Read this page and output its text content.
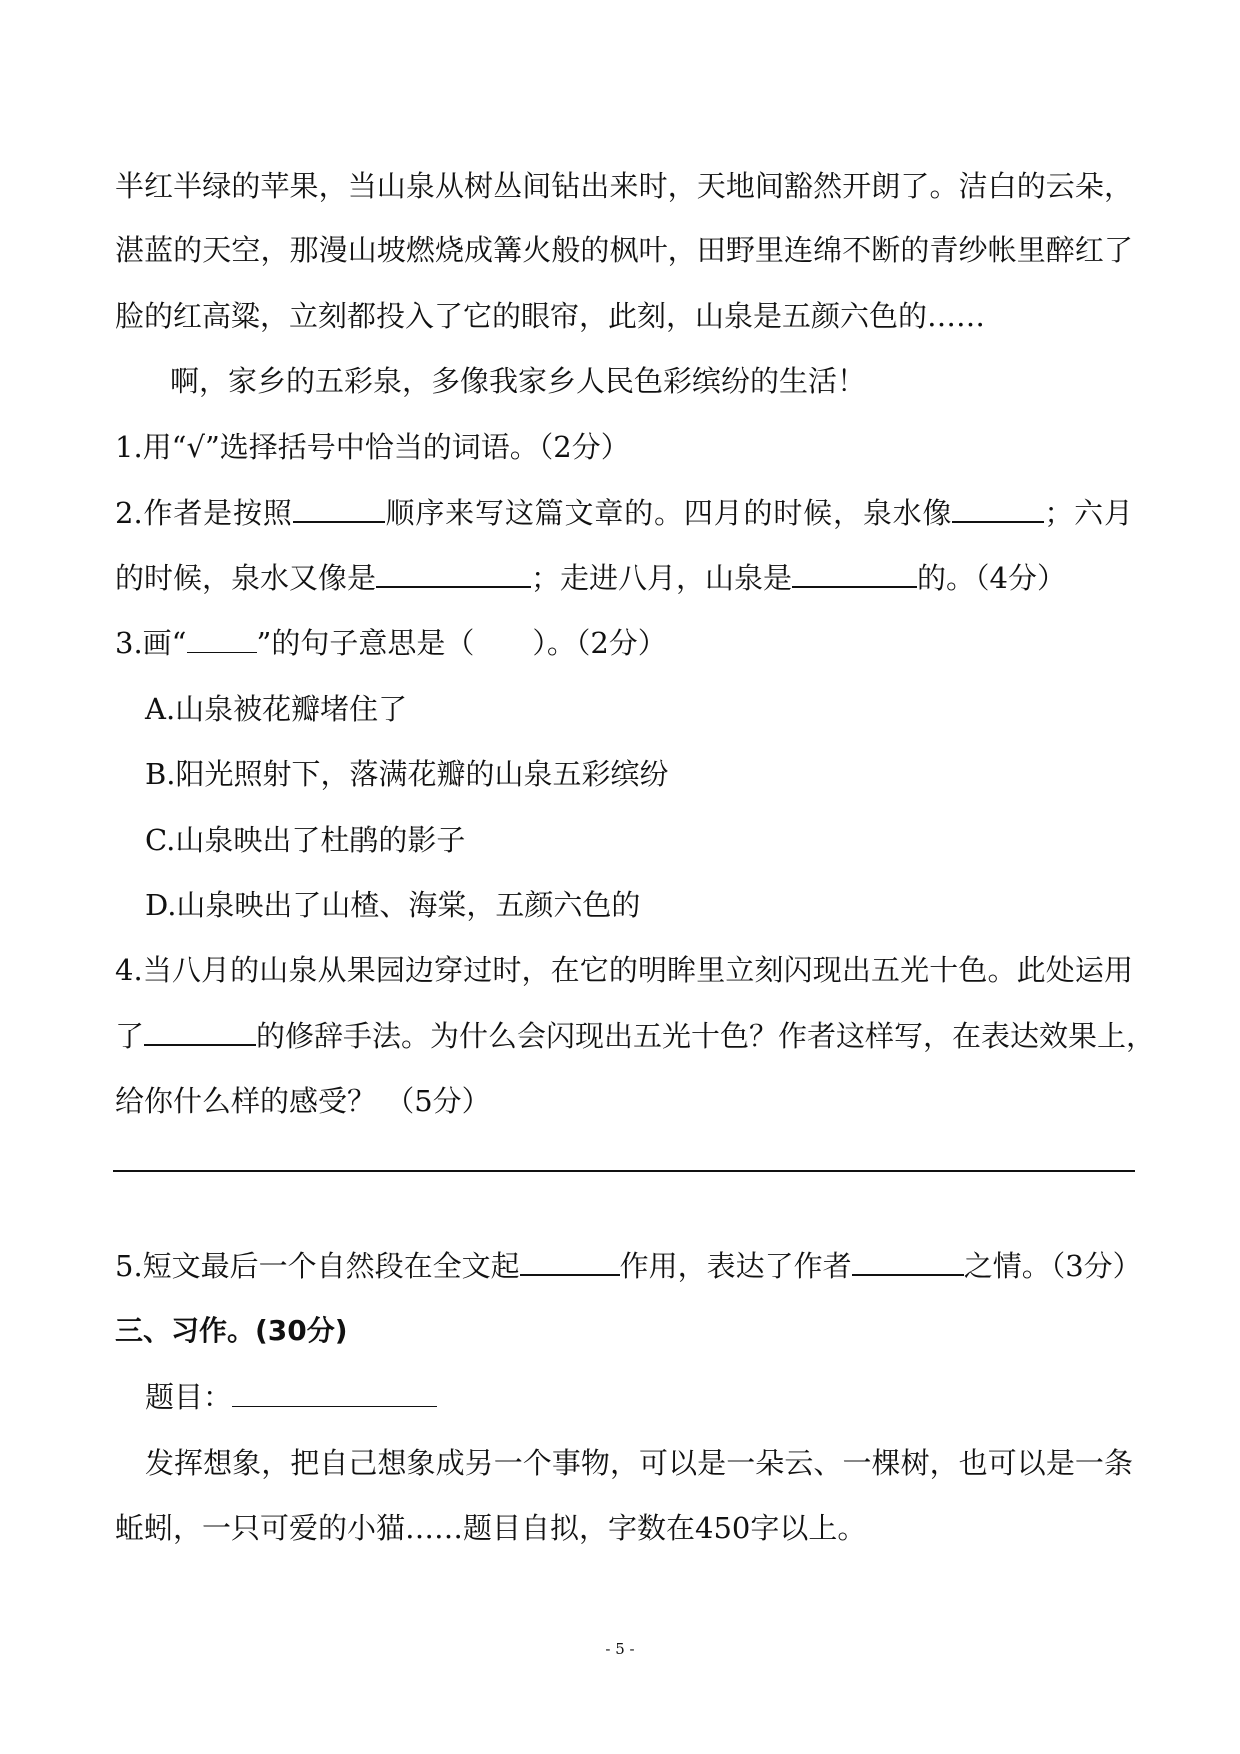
半红半绿的苹果，当山泉从树丛间钻出来时，天地间豁然开朗了。洁白的云朵，
湛蓝的天空，那漫山坡燃烧成篝火般的枫叶，田野里连绵不断的青纱帐里醉红了
脸的红高粱，立刻都投入了它的眼帘，此刻，山泉是五颜六色的……
啊，家乡的五彩泉，多像我家乡人民色彩缤纷的生活！
1.用“√”选择括号中恰当的词语。（2分）
2.作者是按照	顺序来写这篇文章的。四月的时候，泉水像	；六月
的时候，泉水又像是	；走进八月，山泉是	的。（4分）
3.画“ ”的句子意思是（　　）。（2分）
A.山泉被花瓣堵住了
B.阳光照射下，落满花瓣的山泉五彩缤纷
C.山泉映出了杜鹃的影子
D.山泉映出了山楂、海棠，五颜六色的
4.当八月的山泉从果园边穿过时，在它的明眸里立刻闪现出五光十色。此处运用
了	的修辞手法。为什么会闪现出五光十色？作者这样写，在表达效果上，
给你什么样的感受？ （5分）
5.短文最后一个自然段在全文起	作用，表达了作者	之情。（3分）
三、习作。(30分)
题目：
发挥想象，把自己想象成另一个事物，可以是一朵云、一棵树，也可以是一条
蚯蚓，一只可爱的小猫……题目自拟，字数在450字以上。
- 5 -
